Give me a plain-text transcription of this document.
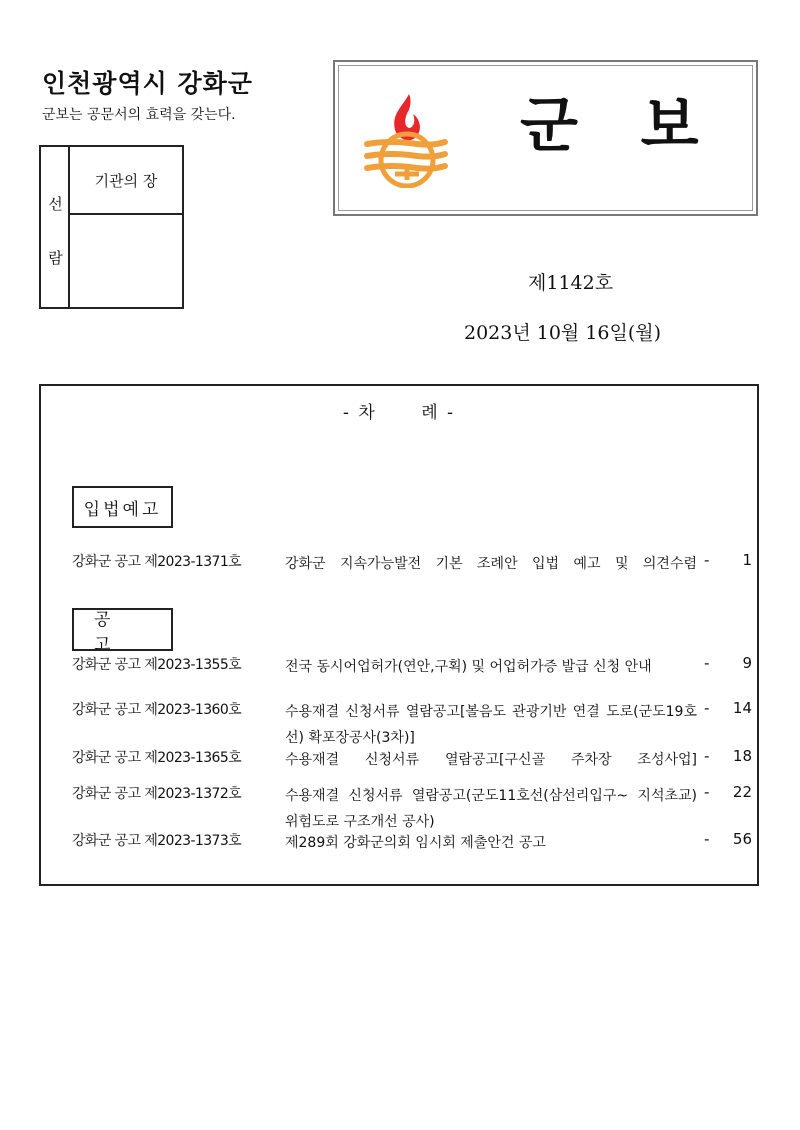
인천광역시 강화군

군보는 공문서의 효력을 갖는다.

선
람
기관의 장
군   보
제1142호
2023년 10월 16일(월)
- 차      례 -
입법예고
강화군 공고 제2023-1371호	강화군 지속가능발전 기본 조례안 입법 예고 및 의견수렴 - 1
공 고
강화군 공고 제2023-1355호	전국 동시어업허가(연안,구획) 및 어업허가증 발급 신청 안내	- 9
강화군 공고 제2023-1360호	수용재결 신청서류 열람공고[볼음도 관광기반 연결 도로(군도19호선) 확포장공사(3차)]
- 14
강화군 공고 제2023-1365호	수용재결 신청서류 열람공고[구신골 주차장 조성사업] - 18
강화군 공고 제2023-1372호	수용재결 신청서류 열람공고(군도11호선(삼선리입구~ 지석초교) 위험도로 구조개선 공사)
- 22
강화군 공고 제2023-1373호	제289회 강화군의회 임시회 제출안건 공고	- 56
